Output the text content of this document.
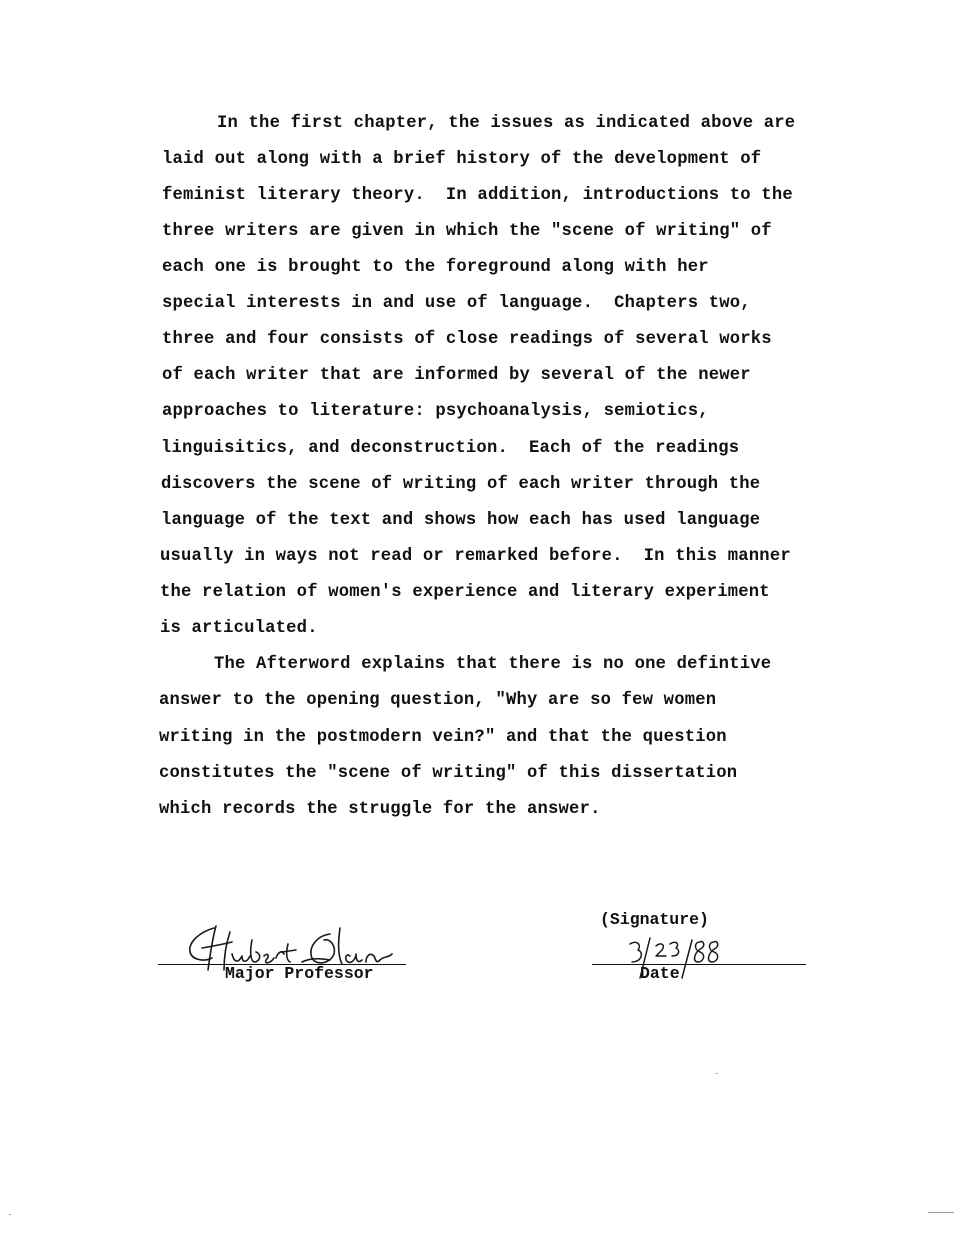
In the first chapter, the issues as indicated above are
laid out along with a brief history of the development of
feminist literary theory.  In addition, introductions to the
three writers are given in which the "scene of writing" of
each one is brought to the foreground along with her
special interests in and use of language.  Chapters two,
three and four consists of close readings of several works
of each writer that are informed by several of the newer
approaches to literature: psychoanalysis, semiotics,
linguisitics, and deconstruction.  Each of the readings
discovers the scene of writing of each writer through the
language of the text and shows how each has used language
usually in ways not read or remarked before.  In this manner
the relation of women's experience and literary experiment
is articulated.
The Afterword explains that there is no one defintive
answer to the opening question, "Why are so few women
writing in the postmodern vein?" and that the question
constitutes the "scene of writing" of this dissertation
which records the struggle for the answer.
(Signature)
Major Professor	Date
